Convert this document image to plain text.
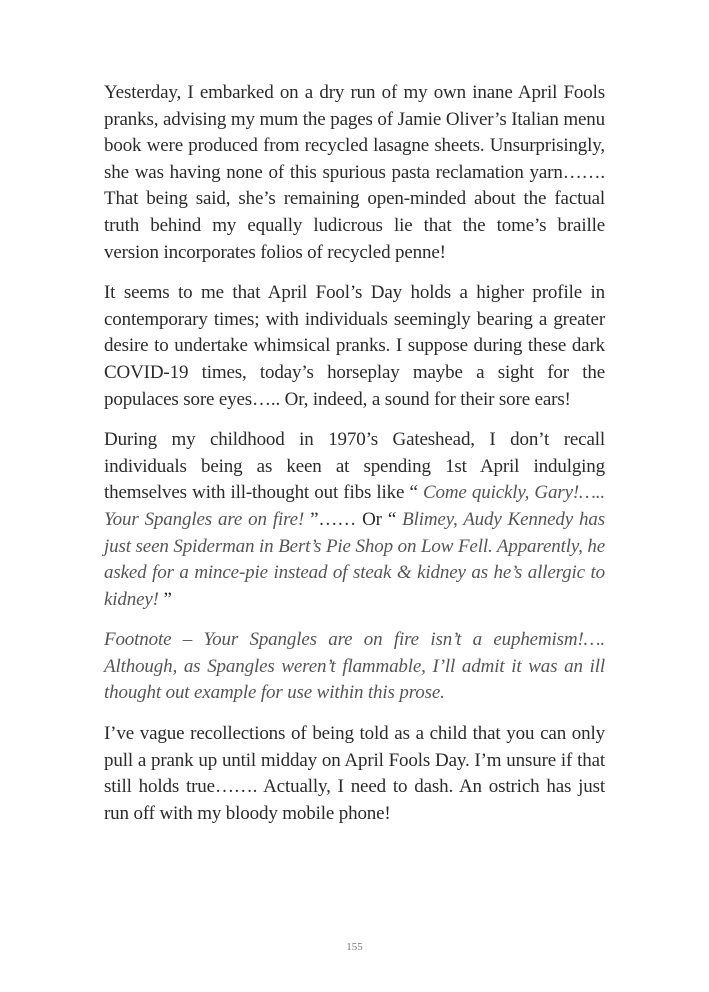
Yesterday, I embarked on a dry run of my own inane April Fools pranks, advising my mum the pages of Jamie Oliver’s Italian menu book were produced from recycled lasagne sheets. Unsurprisingly, she was having none of this spurious pasta reclamation yarn……. That being said, she’s remaining open-minded about the factual truth behind my equally ludicrous lie that the tome’s braille version incorporates folios of recycled penne!

It seems to me that April Fool’s Day holds a higher profile in contemporary times; with individuals seemingly bearing a greater desire to undertake whimsical pranks. I suppose during these dark COVID-19 times, today’s horseplay maybe a sight for the populaces sore eyes….. Or, indeed, a sound for their sore ears!

During my childhood in 1970’s Gateshead, I don’t recall individuals being as keen at spending 1st April indulging themselves with ill-thought out fibs like “ Come quickly, Gary!….. Your Spangles are on fire! ”…… Or “ Blimey, Audy Kennedy has just seen Spiderman in Bert’s Pie Shop on Low Fell. Apparently, he asked for a mince-pie instead of steak & kidney as he’s allergic to kidney! ”

Footnote – Your Spangles are on fire isn’t a euphemism!…. Although, as Spangles weren’t flammable, I’ll admit it was an ill thought out example for use within this prose.

I’ve vague recollections of being told as a child that you can only pull a prank up until midday on April Fools Day. I’m unsure if that still holds true……. Actually, I need to dash. An ostrich has just run off with my bloody mobile phone!

155
